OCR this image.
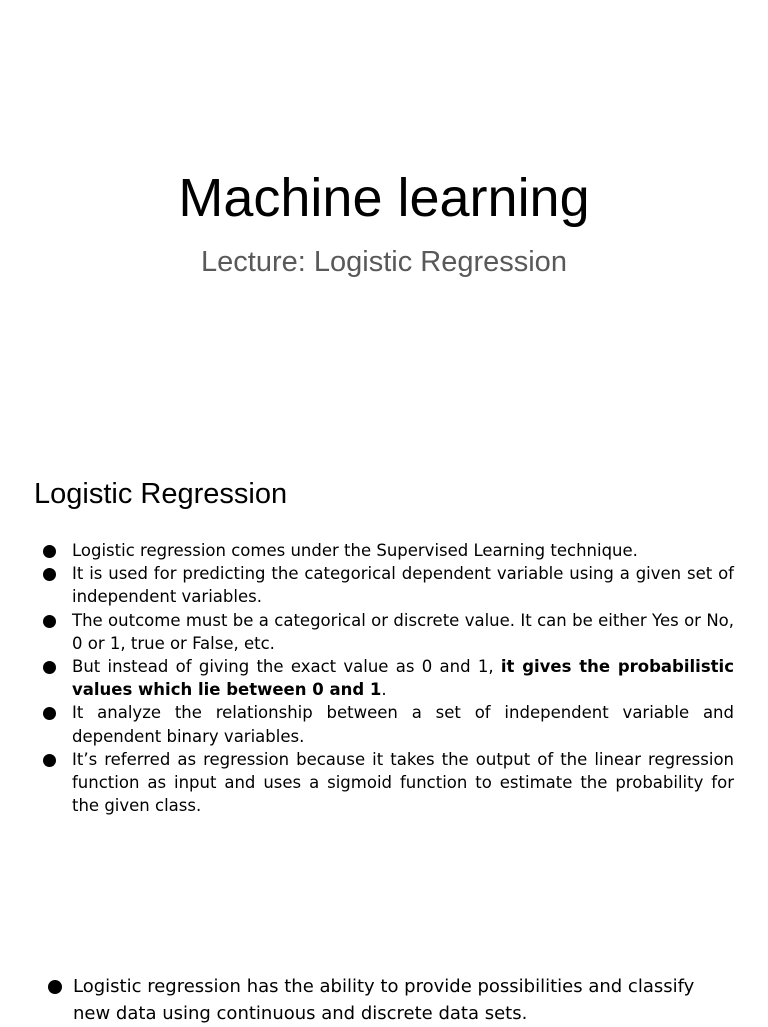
Machine learning
Lecture: Logistic Regression
Logistic Regression
Logistic regression comes under the Supervised Learning technique.
It is used for predicting the categorical dependent variable using a given set of independent variables.
The outcome must be a categorical or discrete value. It can be either Yes or No, 0 or 1, true or False, etc.
But instead of giving the exact value as 0 and 1, it gives the probabilistic values which lie between 0 and 1.
It analyze the relationship between a set of independent variable and dependent binary variables.
It’s referred as regression because it takes the output of the linear regression function as input and uses a sigmoid function to estimate the probability for the given class.

Logistic regression has the ability to provide possibilities and classify new data using continuous and discrete data sets.
